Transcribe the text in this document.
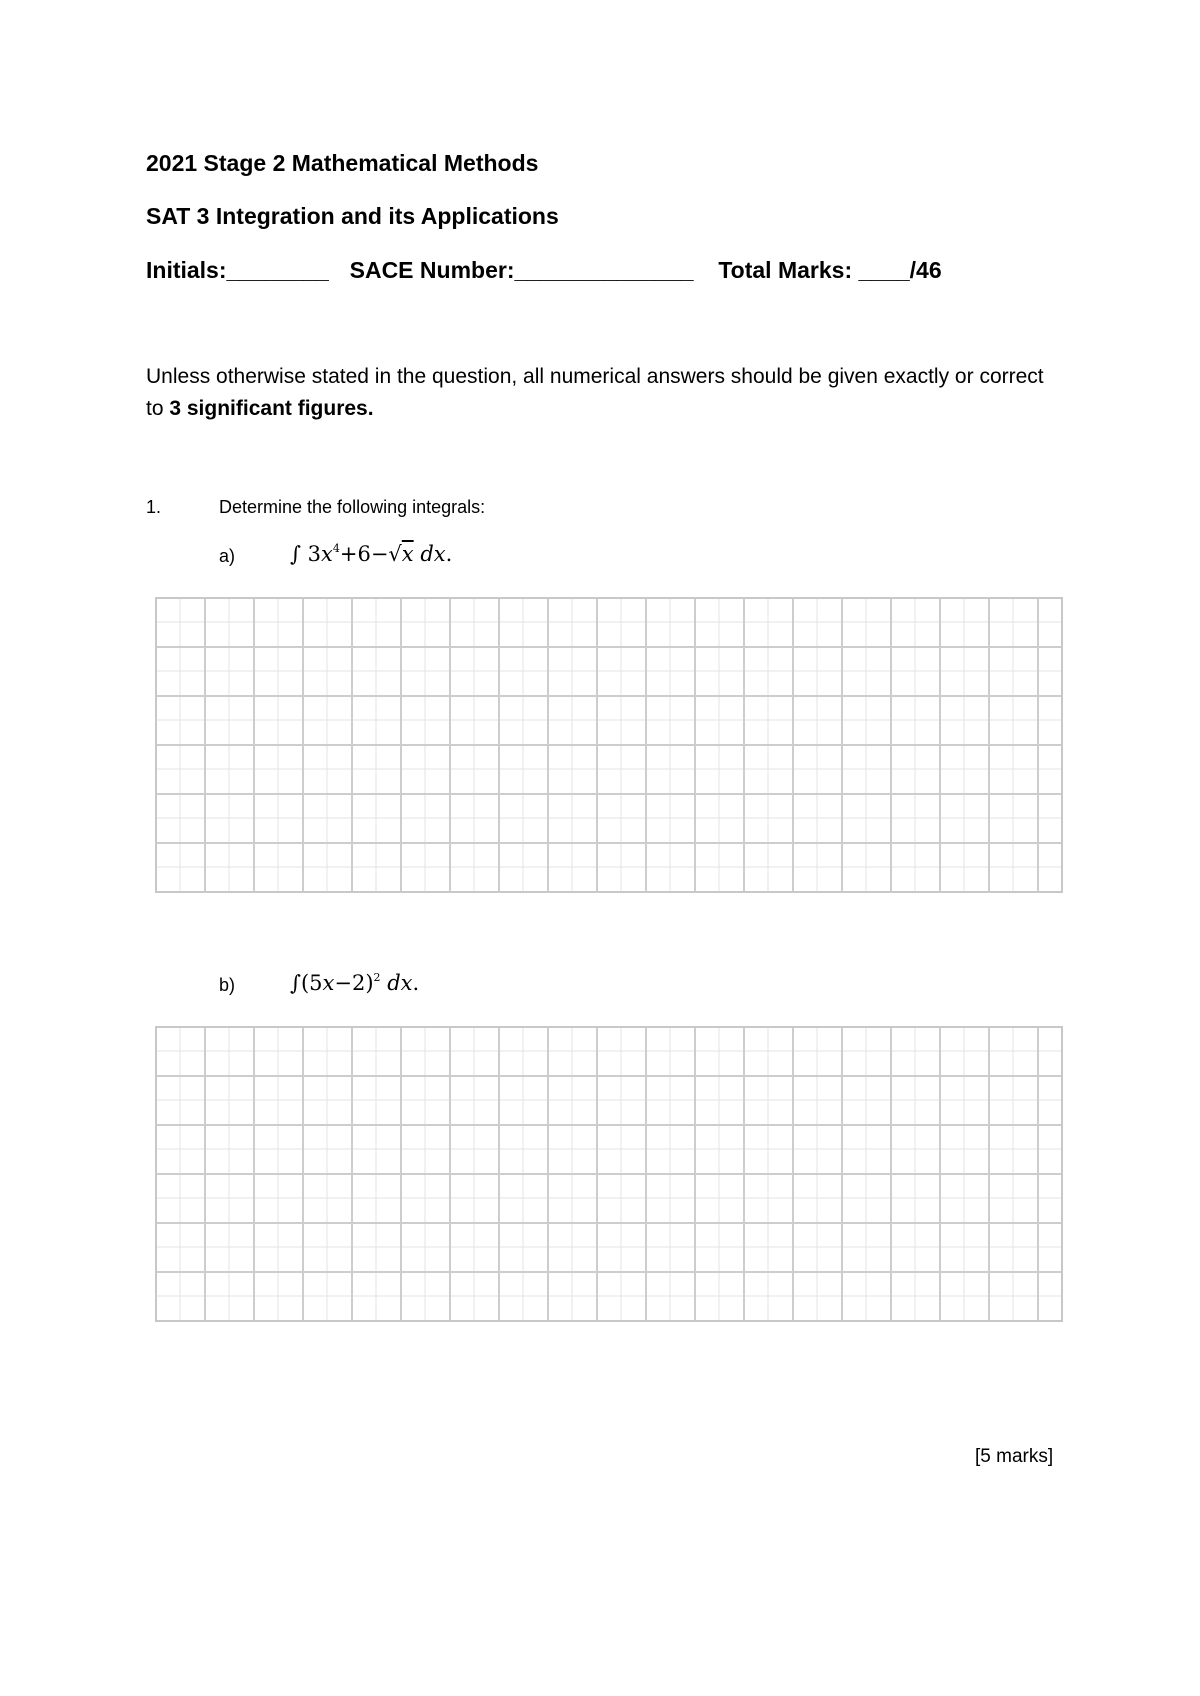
2021 Stage 2 Mathematical Methods
SAT 3 Integration and its Applications
Initials:________ SACE Number:______________ Total Marks: ____/46
Unless otherwise stated in the question, all numerical answers should be given exactly or correct to 3 significant figures.
1.	Determine the following integrals:
a)	∫ $3x^4+6-√x$ dx.
b)	$\int(5x-2)^2$ dx.
[5 marks]
